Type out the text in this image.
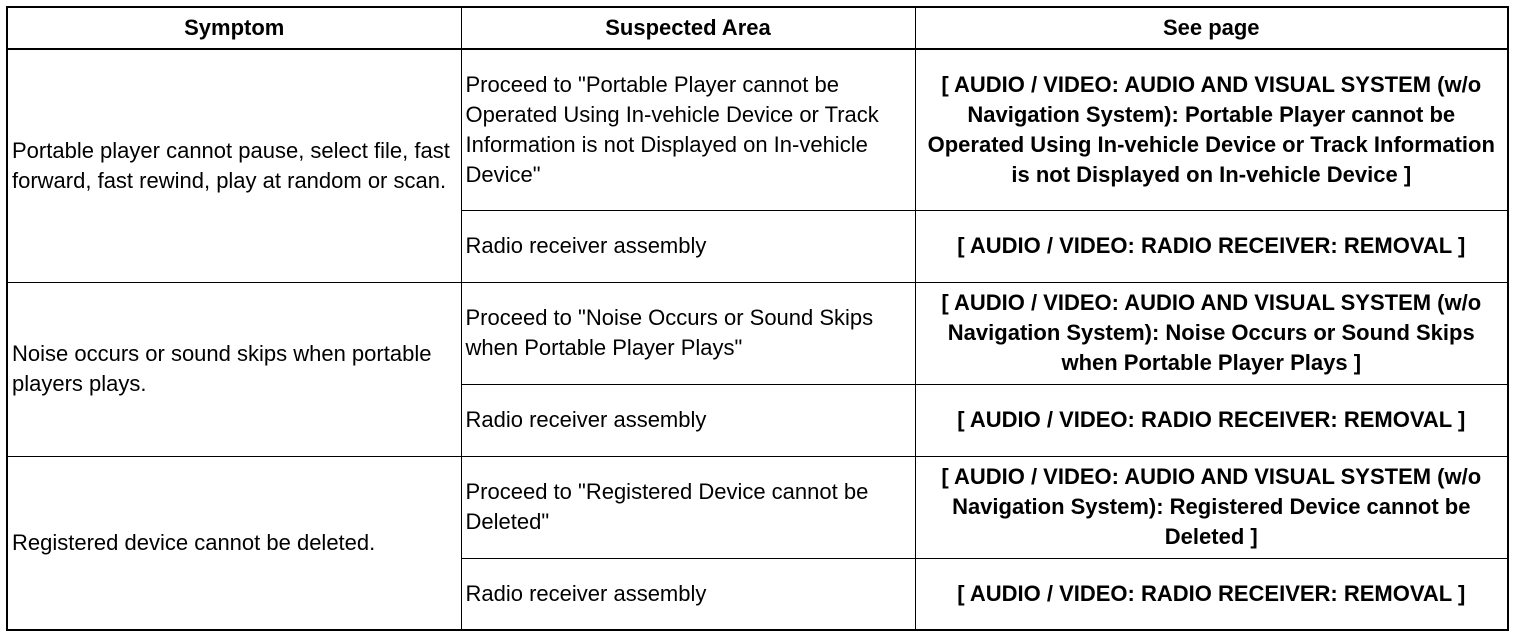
Symptom	Suspected Area	See page
Portable player cannot pause, select file, fast forward, fast rewind, play at random or scan.	Proceed to "Portable Player cannot be Operated Using In-vehicle Device or Track Information is not Displayed on In-vehicle Device"	[ AUDIO / VIDEO: AUDIO AND VISUAL SYSTEM (w/o Navigation System): Portable Player cannot be Operated Using In-vehicle Device or Track Information is not Displayed on In-vehicle Device ]
	Radio receiver assembly	[ AUDIO / VIDEO: RADIO RECEIVER: REMOVAL ]
Noise occurs or sound skips when portable players plays.	Proceed to "Noise Occurs or Sound Skips when Portable Player Plays"	[ AUDIO / VIDEO: AUDIO AND VISUAL SYSTEM (w/o Navigation System): Noise Occurs or Sound Skips when Portable Player Plays ]
	Radio receiver assembly	[ AUDIO / VIDEO: RADIO RECEIVER: REMOVAL ]
Registered device cannot be deleted.	Proceed to "Registered Device cannot be Deleted"	[ AUDIO / VIDEO: AUDIO AND VISUAL SYSTEM (w/o Navigation System): Registered Device cannot be Deleted ]
	Radio receiver assembly	[ AUDIO / VIDEO: RADIO RECEIVER: REMOVAL ]
